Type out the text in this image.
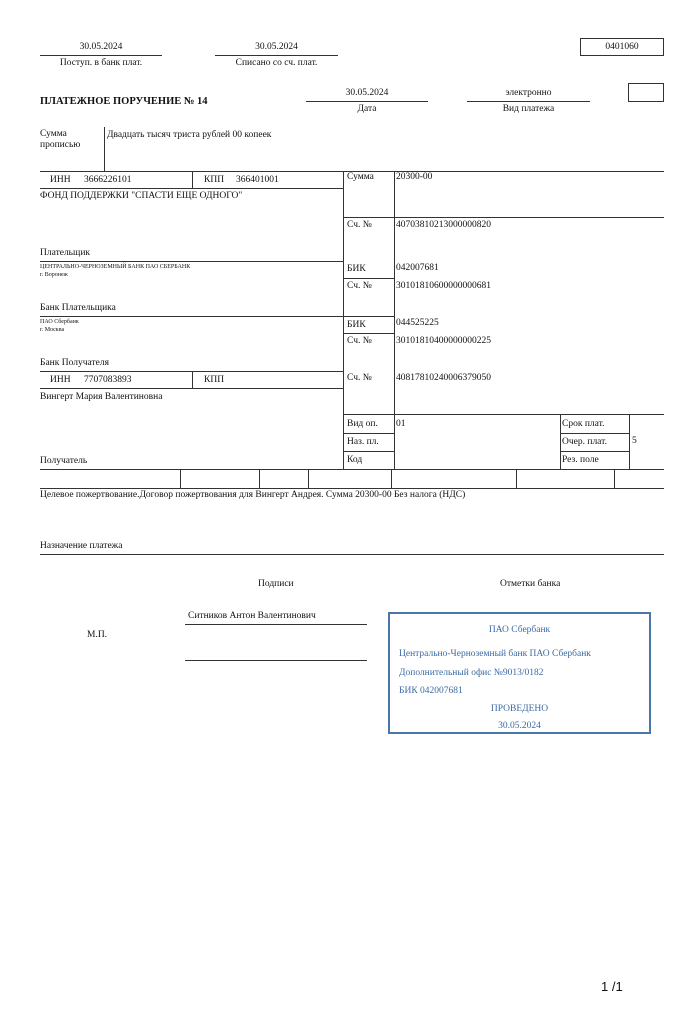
30.05.2024
Поступ. в банк плат.
30.05.2024
Списано со сч. плат.
0401060
ПЛАТЕЖНОЕ ПОРУЧЕНИЕ № 14
30.05.2024
Дата
электронно
Вид платежа
Сумма
прописью
Двадцать тысяч триста рублей 00 копеек
ИНН 3666226101	КПП 366401001
ФОНД ПОДДЕРЖКИ "СПАСТИ ЕЩЕ ОДНОГО"
Сумма 20300-00
Сч. №	40703810213000000820
Плательщик
ЦЕНТРАЛЬНО-ЧЕРНОЗЕМНЫЙ БАНК ПАО СБЕРБАНК
г. Воронеж
БИК	042007681
Сч. №	30101810600000000681
Банк Плательщика
ПАО Сбербанк
г. Москва	БИК	044525225
Сч. №	30101810400000000225
Банк Получателя
ИНН 7707083893	КПП
Вингерт Мария Валентиновна
Сч. №	40817810240006379050
Вид оп. 01
Наз. пл.
Код
Срок плат.
Очер. плат.	5
Рез. поле
Получатель
Целевое пожертвование.Договор пожертвования для Вингерт Андрея. Сумма 20300-00 Без налога (НДС)
Назначение платежа
Подписи	Отметки банка
Ситников Антон Валентинович
М.П.	ПАО Сбербанк
Центрально-Черноземный банк ПАО Сбербанк
Дополнительный офис №9013/0182
БИК 042007681
ПРОВЕДЕНО
30.05.2024
1 /1
